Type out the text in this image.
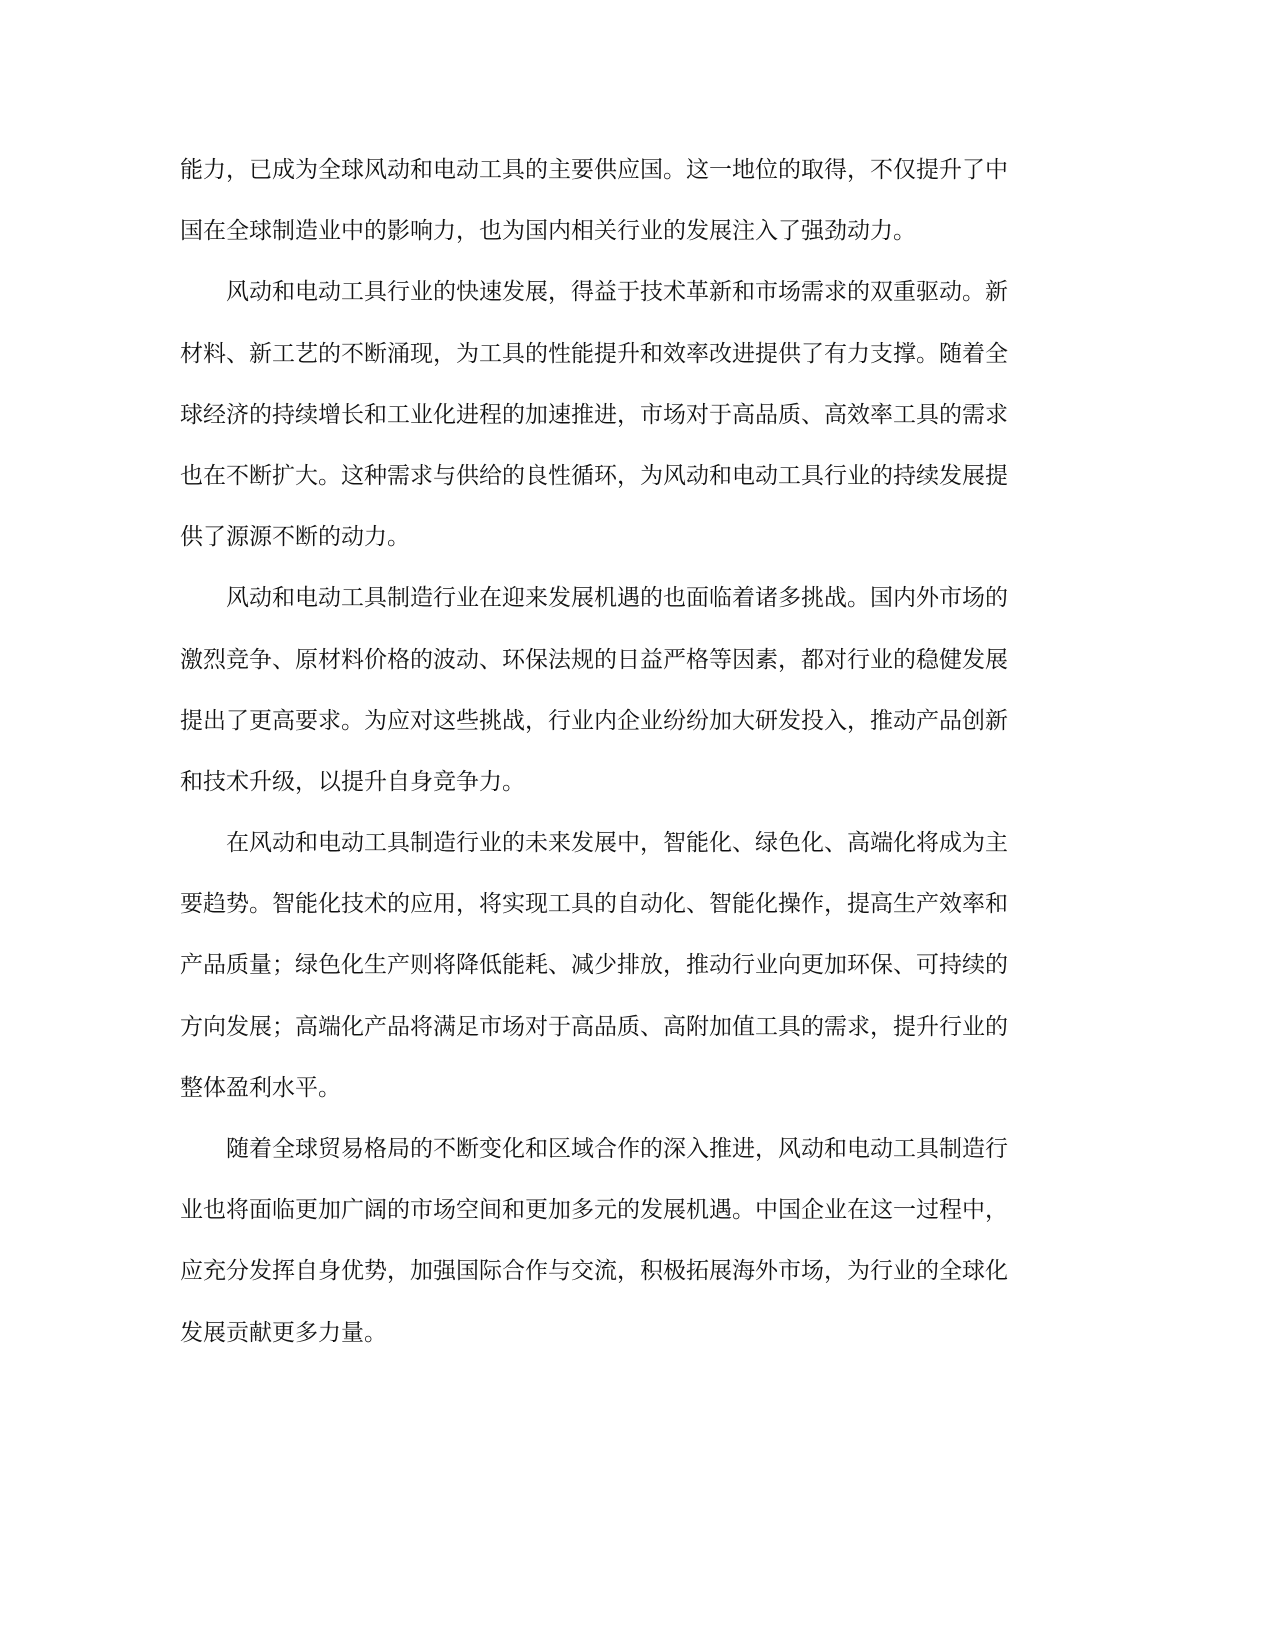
能力，已成为全球风动和电动工具的主要供应国。这一地位的取得，不仅提升了中
国在全球制造业中的影响力，也为国内相关行业的发展注入了强劲动力。
风动和电动工具行业的快速发展，得益于技术革新和市场需求的双重驱动。新
材料、新工艺的不断涌现，为工具的性能提升和效率改进提供了有力支撑。随着全
球经济的持续增长和工业化进程的加速推进，市场对于高品质、高效率工具的需求
也在不断扩大。这种需求与供给的良性循环，为风动和电动工具行业的持续发展提
供了源源不断的动力。
风动和电动工具制造行业在迎来发展机遇的也面临着诸多挑战。国内外市场的
激烈竞争、原材料价格的波动、环保法规的日益严格等因素，都对行业的稳健发展
提出了更高要求。为应对这些挑战，行业内企业纷纷加大研发投入，推动产品创新
和技术升级，以提升自身竞争力。
在风动和电动工具制造行业的未来发展中，智能化、绿色化、高端化将成为主
要趋势。智能化技术的应用，将实现工具的自动化、智能化操作，提高生产效率和
产品质量；绿色化生产则将降低能耗、减少排放，推动行业向更加环保、可持续的
方向发展；高端化产品将满足市场对于高品质、高附加值工具的需求，提升行业的
整体盈利水平。
随着全球贸易格局的不断变化和区域合作的深入推进，风动和电动工具制造行
业也将面临更加广阔的市场空间和更加多元的发展机遇。中国企业在这一过程中，
应充分发挥自身优势，加强国际合作与交流，积极拓展海外市场，为行业的全球化
发展贡献更多力量。
